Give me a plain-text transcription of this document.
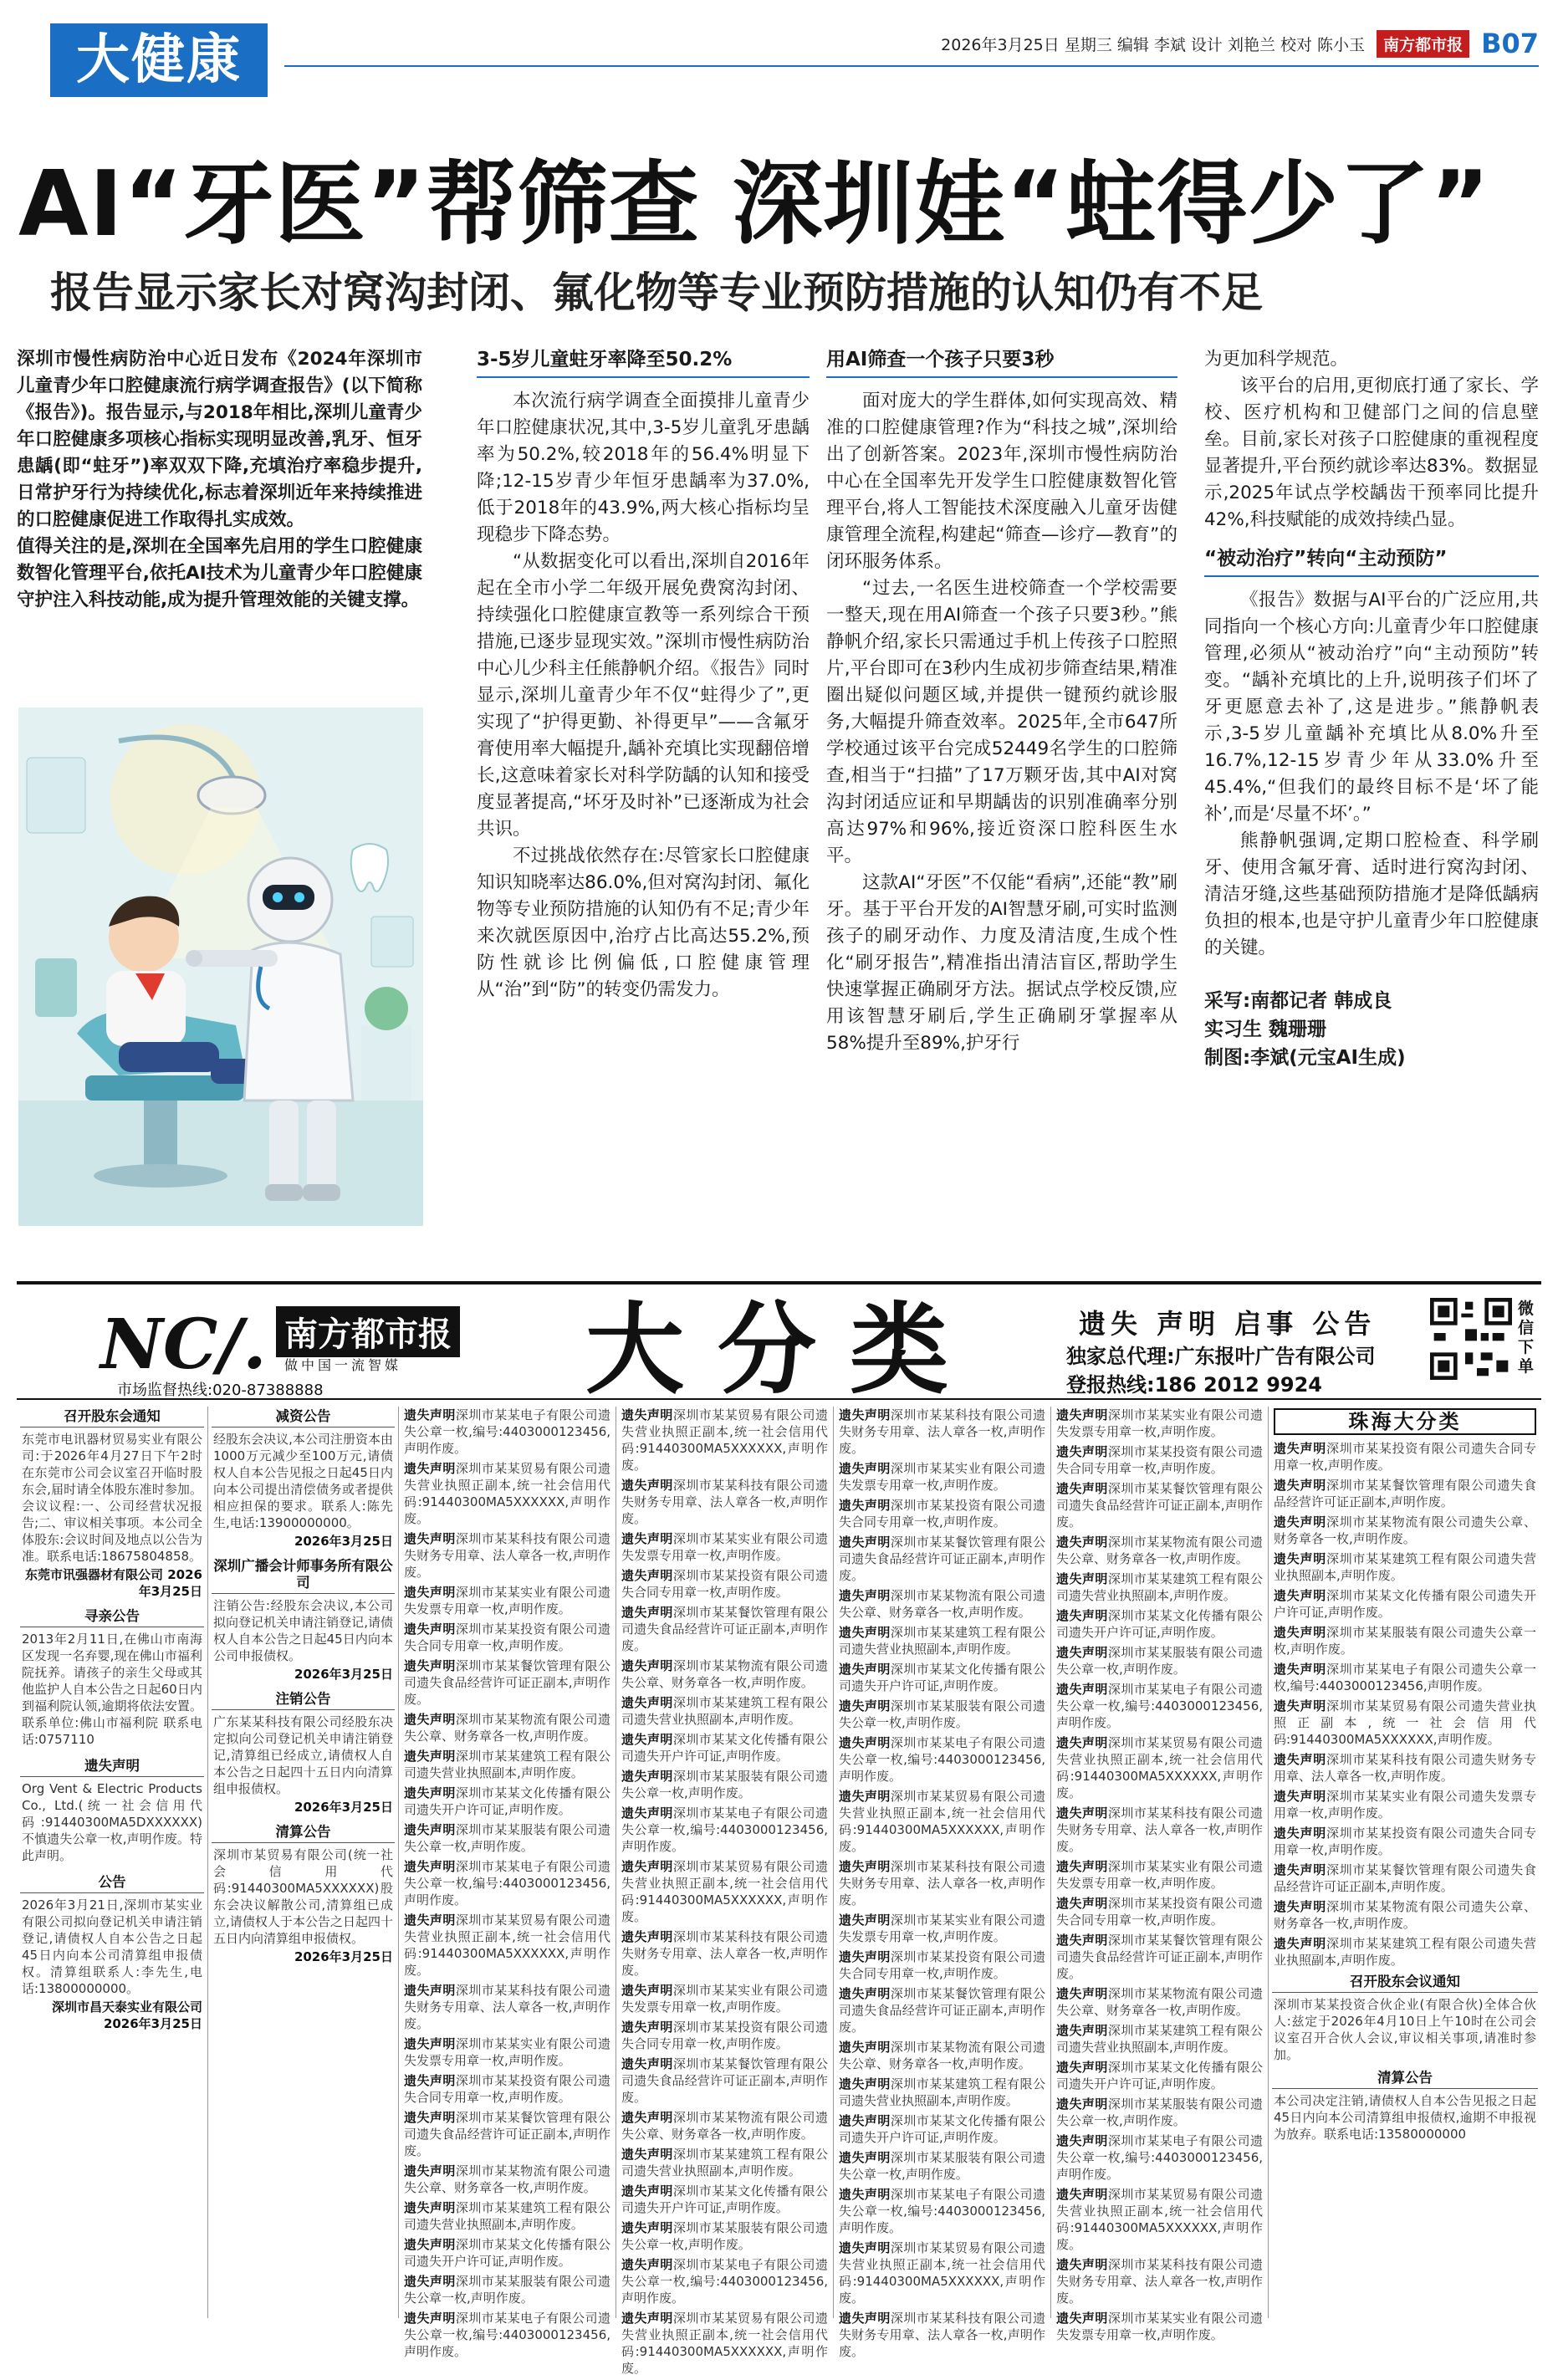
大健康	2026年3月25日 星期三 编辑 李斌 设计 刘艳兰 校对 陈小玉	南方都市报 B07
AI“牙医”帮筛查 深圳娃“蛀得少了”
报告显示家长对窝沟封闭、氟化物等专业预防措施的认知仍有不足

深圳市慢性病防治中心近日发布《2024年深圳市儿童青少年口腔健康流行病学调查报告》(以下简称《报告》)。报告显示,与2018年相比,深圳儿童青少年口腔健康多项核心指标实现明显改善,乳牙、恒牙患龋(即“蛀牙”)率双双下降,充填治疗率稳步提升,日常护牙行为持续优化,标志着深圳近年来持续推进的口腔健康促进工作取得扎实成效。

值得关注的是,深圳在全国率先启用的学生口腔健康数智化管理平台,依托AI技术为儿童青少年口腔健康守护注入科技动能,成为提升管理效能的关键支撑。

3-5岁儿童蛀牙率降至50.2%

本次流行病学调查全面摸排儿童青少年口腔健康状况,其中,3-5岁儿童乳牙患龋率为50.2%,较2018年的56.4%明显下降;12-15岁青少年恒牙患龋率为37.0%,低于2018年的43.9%,两大核心指标均呈现稳步下降态势。

“从数据变化可以看出,深圳自2016年起在全市小学二年级开展免费窝沟封闭、持续强化口腔健康宣教等一系列综合干预措施,已逐步显现实效。”深圳市慢性病防治中心儿少科主任熊静帆介绍。《报告》同时显示,深圳儿童青少年不仅“蛀得少了”,更实现了“护得更勤、补得更早”——含氟牙膏使用率大幅提升,龋补充填比实现翻倍增长,这意味着家长对科学防龋的认知和接受度显著提高,“坏牙及时补”已逐渐成为社会共识。

不过挑战依然存在:尽管家长口腔健康知识知晓率达86.0%,但对窝沟封闭、氟化物等专业预防措施的认知仍有不足;青少年来次就医原因中,治疗占比高达55.2%,预防性就诊比例偏低,口腔健康管理从“治”到“防”的转变仍需发力。

用AI筛查一个孩子只要3秒

面对庞大的学生群体,如何实现高效、精准的口腔健康管理?作为“科技之城”,深圳给出了创新答案。2023年,深圳市慢性病防治中心在全国率先开发学生口腔健康数智化管理平台,将人工智能技术深度融入儿童牙齿健康管理全流程,构建起“筛查—诊疗—教育”的闭环服务体系。

“过去,一名医生进校筛查一个学校需要一整天,现在用AI筛查一个孩子只要3秒。”熊静帆介绍,家长只需通过手机上传孩子口腔照片,平台即可在3秒内生成初步筛查结果,精准圈出疑似问题区域,并提供一键预约就诊服务,大幅提升筛查效率。2025年,全市647所学校通过该平台完成52449名学生的口腔筛查,相当于“扫描”了17万颗牙齿,其中AI对窝沟封闭适应证和早期龋齿的识别准确率分别高达97%和96%,接近资深口腔科医生水平。

这款AI“牙医”不仅能“看病”,还能“教”刷牙。基于平台开发的AI智慧牙刷,可实时监测孩子的刷牙动作、力度及清洁度,生成个性化“刷牙报告”,精准指出清洁盲区,帮助学生快速掌握正确刷牙方法。据试点学校反馈,应用该智慧牙刷后,学生正确刷牙掌握率从58%提升至89%,护牙行

为更加科学规范。

该平台的启用,更彻底打通了家长、学校、医疗机构和卫健部门之间的信息壁垒。目前,家长对孩子口腔健康的重视程度显著提升,平台预约就诊率达83%。数据显示,2025年试点学校龋齿干预率同比提升42%,科技赋能的成效持续凸显。

“被动治疗”转向“主动预防”

《报告》数据与AI平台的广泛应用,共同指向一个核心方向:儿童青少年口腔健康管理,必须从“被动治疗”向“主动预防”转变。“龋补充填比的上升,说明孩子们坏了牙更愿意去补了,这是进步。”熊静帆表示,3-5岁儿童龋补充填比从8.0%升至16.7%,12-15岁青少年从33.0%升至45.4%,“但我们的最终目标不是‘坏了能补’,而是‘尽量不坏’。”

熊静帆强调,定期口腔检查、科学刷牙、使用含氟牙膏、适时进行窝沟封闭、清洁牙缝,这些基础预防措施才是降低龋病负担的根本,也是守护儿童青少年口腔健康的关键。

采写:南都记者 韩成良
实习生 魏珊珊
制图:李斌(元宝AI生成)
NC/. 南方都市报
做中国一流智媒
市场监督热线:020-87388888	大分类	遗失 声明 启事 公告
独家总代理:广东报叶广告有限公司
登报热线:186 2012 9924
微信下单
召开股东会通知
东莞市电讯器材贸易实业有限公司:于2026年4月27日下午2时在东莞市公司会议室召开临时股东会,届时请全体股东准时参加。会议议程:一、公司经营状况报告;二、审议相关事项。本公司全体股东:会议时间及地点以公告为准。联系电话:18675804858。
东莞市讯强器材有限公司 2026年3月25日
寻亲公告
2013年2月11日,在佛山市南海区发现一名弃婴,现在佛山市福利院抚养。请孩子的亲生父母或其他监护人自本公告之日起60日内到福利院认领,逾期将依法安置。联系单位:佛山市福利院 联系电话:0757110
遗失声明
Org Vent & Electric Products Co., Ltd.(统一社会信用代码:91440300MA5DXXXXXX)不慎遗失公章一枚,声明作废。特此声明。
公告
2026年3月21日,深圳市某实业有限公司拟向登记机关申请注销登记,请债权人自本公告之日起45日内向本公司清算组申报债权。清算组联系人:李先生,电话:13800000000。
深圳市昌天泰实业有限公司 2026年3月25日
减资公告
经股东会决议,本公司注册资本由1000万元减少至100万元,请债权人自本公告见报之日起45日内向本公司提出清偿债务或者提供相应担保的要求。联系人:陈先生,电话:13900000000。
2026年3月25日
深圳广播会计师事务所有限公司
注销公告:经股东会决议,本公司拟向登记机关申请注销登记,请债权人自本公告之日起45日内向本公司申报债权。
2026年3月25日
注销公告
广东某某科技有限公司经股东决定拟向公司登记机关申请注销登记,清算组已经成立,请债权人自本公告之日起四十五日内向清算组申报债权。
2026年3月25日
清算公告
深圳市某贸易有限公司(统一社会信用代码:91440300MA5XXXXXX)股东会决议解散公司,清算组已成立,请债权人于本公告之日起四十五日内向清算组申报债权。
2026年3月25日
遗失声明深圳市某某电子有限公司遗失公章一枚,编号:4403000123456,声明作废。
遗失声明深圳市某某贸易有限公司遗失营业执照正副本,统一社会信用代码:91440300MA5XXXXXX,声明作废。
遗失声明深圳市某某科技有限公司遗失财务专用章、法人章各一枚,声明作废。
遗失声明深圳市某某实业有限公司遗失发票专用章一枚,声明作废。
遗失声明深圳市某某投资有限公司遗失合同专用章一枚,声明作废。
遗失声明深圳市某某餐饮管理有限公司遗失食品经营许可证正副本,声明作废。
遗失声明深圳市某某物流有限公司遗失公章、财务章各一枚,声明作废。
遗失声明深圳市某某建筑工程有限公司遗失营业执照副本,声明作废。
遗失声明深圳市某某文化传播有限公司遗失开户许可证,声明作废。
遗失声明深圳市某某服装有限公司遗失公章一枚,声明作废。
遗失声明深圳市某某电子有限公司遗失公章一枚,编号:4403000123456,声明作废。
遗失声明深圳市某某贸易有限公司遗失营业执照正副本,统一社会信用代码:91440300MA5XXXXXX,声明作废。
遗失声明深圳市某某科技有限公司遗失财务专用章、法人章各一枚,声明作废。
遗失声明深圳市某某实业有限公司遗失发票专用章一枚,声明作废。
遗失声明深圳市某某投资有限公司遗失合同专用章一枚,声明作废。
遗失声明深圳市某某餐饮管理有限公司遗失食品经营许可证正副本,声明作废。
遗失声明深圳市某某物流有限公司遗失公章、财务章各一枚,声明作废。
遗失声明深圳市某某建筑工程有限公司遗失营业执照副本,声明作废。
遗失声明深圳市某某文化传播有限公司遗失开户许可证,声明作废。
遗失声明深圳市某某服装有限公司遗失公章一枚,声明作废。
遗失声明深圳市某某电子有限公司遗失公章一枚,编号:4403000123456,声明作废。
遗失声明深圳市某某贸易有限公司遗失营业执照正副本,统一社会信用代码:91440300MA5XXXXXX,声明作废。
遗失声明深圳市某某科技有限公司遗失财务专用章、法人章各一枚,声明作废。
遗失声明深圳市某某实业有限公司遗失发票专用章一枚,声明作废。
遗失声明深圳市某某投资有限公司遗失合同专用章一枚,声明作废。
遗失声明深圳市某某餐饮管理有限公司遗失食品经营许可证正副本,声明作废。
遗失声明深圳市某某物流有限公司遗失公章、财务章各一枚,声明作废。
遗失声明深圳市某某建筑工程有限公司遗失营业执照副本,声明作废。
遗失声明深圳市某某文化传播有限公司遗失开户许可证,声明作废。
遗失声明深圳市某某服装有限公司遗失公章一枚,声明作废。
遗失声明深圳市某某电子有限公司遗失公章一枚,编号:4403000123456,声明作废。
遗失声明深圳市某某贸易有限公司遗失营业执照正副本,统一社会信用代码:91440300MA5XXXXXX,声明作废。
遗失声明深圳市某某科技有限公司遗失财务专用章、法人章各一枚,声明作废。
遗失声明深圳市某某实业有限公司遗失发票专用章一枚,声明作废。
遗失声明深圳市某某投资有限公司遗失合同专用章一枚,声明作废。
遗失声明深圳市某某餐饮管理有限公司遗失食品经营许可证正副本,声明作废。
遗失声明深圳市某某物流有限公司遗失公章、财务章各一枚,声明作废。
遗失声明深圳市某某建筑工程有限公司遗失营业执照副本,声明作废。
遗失声明深圳市某某文化传播有限公司遗失开户许可证,声明作废。
遗失声明深圳市某某服装有限公司遗失公章一枚,声明作废。
遗失声明深圳市某某电子有限公司遗失公章一枚,编号:4403000123456,声明作废。
遗失声明深圳市某某贸易有限公司遗失营业执照正副本,统一社会信用代码:91440300MA5XXXXXX,声明作废。
遗失声明深圳市某某科技有限公司遗失财务专用章、法人章各一枚,声明作废。
遗失声明深圳市某某实业有限公司遗失发票专用章一枚,声明作废。
遗失声明深圳市某某投资有限公司遗失合同专用章一枚,声明作废。
遗失声明深圳市某某餐饮管理有限公司遗失食品经营许可证正副本,声明作废。
遗失声明深圳市某某物流有限公司遗失公章、财务章各一枚,声明作废。
遗失声明深圳市某某建筑工程有限公司遗失营业执照副本,声明作废。
遗失声明深圳市某某文化传播有限公司遗失开户许可证,声明作废。
遗失声明深圳市某某服装有限公司遗失公章一枚,声明作废。
遗失声明深圳市某某电子有限公司遗失公章一枚,编号:4403000123456,声明作废。
遗失声明深圳市某某贸易有限公司遗失营业执照正副本,统一社会信用代码:91440300MA5XXXXXX,声明作废。
遗失声明深圳市某某科技有限公司遗失财务专用章、法人章各一枚,声明作废。
遗失声明深圳市某某实业有限公司遗失发票专用章一枚,声明作废。
遗失声明深圳市某某投资有限公司遗失合同专用章一枚,声明作废。
遗失声明深圳市某某餐饮管理有限公司遗失食品经营许可证正副本,声明作废。
遗失声明深圳市某某物流有限公司遗失公章、财务章各一枚,声明作废。
遗失声明深圳市某某建筑工程有限公司遗失营业执照副本,声明作废。
遗失声明深圳市某某文化传播有限公司遗失开户许可证,声明作废。
遗失声明深圳市某某服装有限公司遗失公章一枚,声明作废。
遗失声明深圳市某某电子有限公司遗失公章一枚,编号:4403000123456,声明作废。
遗失声明深圳市某某贸易有限公司遗失营业执照正副本,统一社会信用代码:91440300MA5XXXXXX,声明作废。
遗失声明深圳市某某科技有限公司遗失财务专用章、法人章各一枚,声明作废。
遗失声明深圳市某某实业有限公司遗失发票专用章一枚,声明作废。
遗失声明深圳市某某投资有限公司遗失合同专用章一枚,声明作废。
遗失声明深圳市某某餐饮管理有限公司遗失食品经营许可证正副本,声明作废。
遗失声明深圳市某某物流有限公司遗失公章、财务章各一枚,声明作废。
遗失声明深圳市某某建筑工程有限公司遗失营业执照副本,声明作废。
遗失声明深圳市某某文化传播有限公司遗失开户许可证,声明作废。
遗失声明深圳市某某服装有限公司遗失公章一枚,声明作废。
遗失声明深圳市某某电子有限公司遗失公章一枚,编号:4403000123456,声明作废。
遗失声明深圳市某某贸易有限公司遗失营业执照正副本,统一社会信用代码:91440300MA5XXXXXX,声明作废。
遗失声明深圳市某某科技有限公司遗失财务专用章、法人章各一枚,声明作废。
遗失声明深圳市某某实业有限公司遗失发票专用章一枚,声明作废。
遗失声明深圳市某某投资有限公司遗失合同专用章一枚,声明作废。
遗失声明深圳市某某餐饮管理有限公司遗失食品经营许可证正副本,声明作废。
遗失声明深圳市某某物流有限公司遗失公章、财务章各一枚,声明作废。
遗失声明深圳市某某建筑工程有限公司遗失营业执照副本,声明作废。
遗失声明深圳市某某文化传播有限公司遗失开户许可证,声明作废。
遗失声明深圳市某某服装有限公司遗失公章一枚,声明作废。
遗失声明深圳市某某电子有限公司遗失公章一枚,编号:4403000123456,声明作废。
遗失声明深圳市某某贸易有限公司遗失营业执照正副本,统一社会信用代码:91440300MA5XXXXXX,声明作废。
遗失声明深圳市某某科技有限公司遗失财务专用章、法人章各一枚,声明作废。
遗失声明深圳市某某实业有限公司遗失发票专用章一枚,声明作废。
珠海大分类
遗失声明深圳市某某投资有限公司遗失合同专用章一枚,声明作废。
遗失声明深圳市某某餐饮管理有限公司遗失食品经营许可证正副本,声明作废。
遗失声明深圳市某某物流有限公司遗失公章、财务章各一枚,声明作废。
遗失声明深圳市某某建筑工程有限公司遗失营业执照副本,声明作废。
遗失声明深圳市某某文化传播有限公司遗失开户许可证,声明作废。
遗失声明深圳市某某服装有限公司遗失公章一枚,声明作废。
遗失声明深圳市某某电子有限公司遗失公章一枚,编号:4403000123456,声明作废。
遗失声明深圳市某某贸易有限公司遗失营业执照正副本,统一社会信用代码:91440300MA5XXXXXX,声明作废。
遗失声明深圳市某某科技有限公司遗失财务专用章、法人章各一枚,声明作废。
遗失声明深圳市某某实业有限公司遗失发票专用章一枚,声明作废。
遗失声明深圳市某某投资有限公司遗失合同专用章一枚,声明作废。
遗失声明深圳市某某餐饮管理有限公司遗失食品经营许可证正副本,声明作废。
遗失声明深圳市某某物流有限公司遗失公章、财务章各一枚,声明作废。
遗失声明深圳市某某建筑工程有限公司遗失营业执照副本,声明作废。
召开股东会议通知
深圳市某某投资合伙企业(有限合伙)全体合伙人:兹定于2026年4月10日上午10时在公司会议室召开合伙人会议,审议相关事项,请准时参加。
清算公告
本公司决定注销,请债权人自本公告见报之日起45日内向本公司清算组申报债权,逾期不申报视为放弃。联系电话:13580000000
